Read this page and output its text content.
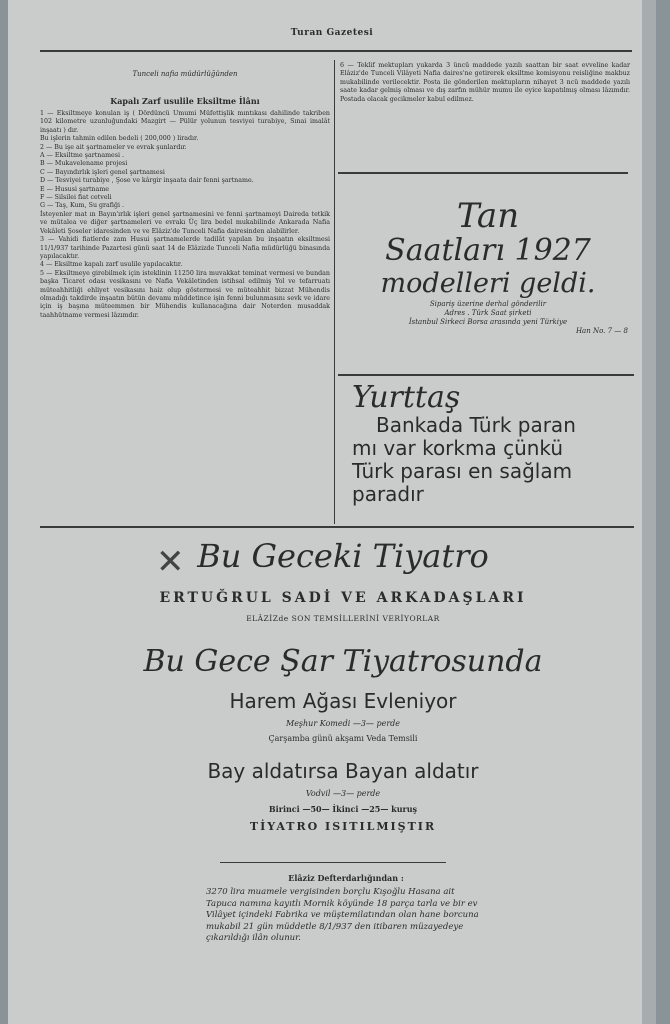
Turan Gazetesi

Tunceli nafia müdürlüğünden

Kapalı Zarf usulile Eksiltme İlânı

1 — Eksiltmeye konulan iş ( Dördüncü Umumi Müfettişlik mıntıkası dahilinde takriben 102 kilometre uzunluğundaki Mazgirt — Pülür yolunun tesviyei turabiye, Sınai imalât inşaatı ) dır.

Bu işlerin tahmin edilen bedeli ( 200,000 ) liradır.

2 — Bu işe ait şartnameler ve evrak şunlardır.

A — Eksiltme şartnamesi .

B — Mukavelename projesi

C — Bayındırlık işleri genel şartnamesi

D — Tesviyei turabiye , Şose ve kârgir inşaata dair fenni şartname.

E — Hususi şartname

F — Silsilei fiat cetveli

G — Taş, Kum, Su grafiği .

İsteyenler mat ın Bayın'ırlık işleri genel şartnamesini ve fenni şartnameyi Daireda tetkik ve mütalea ve diğer şartnameleri ve evrakı Üç lira bedel mukabilinde Ankarada Nafia Vekâleti Şoseler idaresinden ve ve Elâziz'de Tunceli Nafia dairesinden alabilirler.

3 — Vahidi fiatlerde zam Husui şartnamelerde tadilât yapılan bu inşaatın eksiltmesi 11/1/937 tarihinde Pazartesi günü saat 14 de Elâzizde Tunceli Nafia müdürlüğü binasında yapılacaktır.

4 — Eksiltme kapalı zarf usulile yapılacaktır.

5 — Eksiltmeye girebilmek için isteklinin 11250 lira muvakkat teminat vermesi ve bundan başka Ticaret odası vesikasını ve Nafia Vekâletinden istihsal edilmiş Yol ve tefarruatı müteahhitliği ehliyet vesikasını haiz olup göstermesi ve müteahhit bizzat Mühendis olmadığı takdirde inşaatın bütün devamı müddetince işin fenni bulunmasını sevk ve idare için iş başına müteemmen bir Mühendis kullanacağına dair Noterden musaddak taahhütname vermesi lâzımdır.

6 — Teklif mektupları yukarda 3 üncü maddede yazılı saattan bir saat evveline kadar Elâziz'de Tunceli Vilâyeti Nafia daires'ne getirerek eksiltme komisyonu reisliğine makbuz mukabilinde verilecektir. Posta ile gönderilen mektupların nihayet 3 ncü maddede yazılı saate kadar gelmiş olması ve dış zarfın mühür mumu ile eyice kapatılmış olması lâzımdır. Postada olacak gecikmeler kabul edilmez.

Tan

Saatları 1927

modelleri geldi.

Sipariş üzerine derhal gönderilir

Adres . Türk Saat şirketi

İstanbul Sirkeci Borsa arasında yeni Türkiye

Han No. 7 — 8

Yurttaş

Bankada Türk paran

mı var korkma çünkü

Türk parası en sağlam

paradır

✕ Bu Geceki Tiyatro

ERTUĞRUL SADİ VE ARKADAŞLARI

ELÂZİZde SON TEMSİLLERİNİ VERİYORLAR

Bu Gece Şar Tiyatrosunda

Harem Ağası Evleniyor

Meşhur Komedi —3— perde

Çarşamba günü akşamı Veda Temsili

Bay aldatırsa Bayan aldatır

Vodvil —3— perde

Birinci —50— İkinci —25— kuruş

TİYATRO ISITILMIŞTIR

Elâziz Defterdarlığından :

3270 lira muamele vergisinden borçlu Kışoğlu Hasana ait Tapuca namına kayıtlı Mornik köyünde 18 parça tarla ve bir ev Vilâyet içindeki Fabrika ve müştemilatından olan hane borcuna mukabil 21 gün müddetle 8/1/937 den itibaren müzayedeye çıkarıldığı ilân olunur.
